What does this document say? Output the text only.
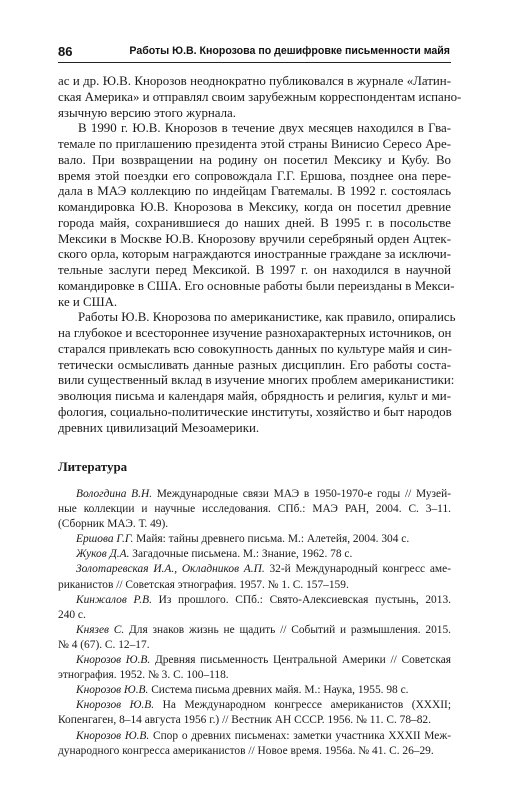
86	Работы Ю.В. Кнорозова по дешифровке письменности майя
ас и др. Ю.В. Кнорозов неоднократно публиковался в журнале «Латин-
ская Америка» и отправлял своим зарубежным корреспондентам испано-
язычную версию этого журнала.
В 1990 г. Ю.В. Кнорозов в течение двух месяцев находился в Гва-
темале по приглашению президента этой страны Винисио Сересо Аре-
вало. При возвращении на родину он посетил Мексику и Кубу. Во
время этой поездки его сопровождала Г.Г. Ершова, позднее она пере-
дала в МАЭ коллекцию по индейцам Гватемалы. В 1992 г. состоялась
командировка Ю.В. Кнорозова в Мексику, когда он посетил древние
города майя, сохранившиеся до наших дней. В 1995 г. в посольстве
Мексики в Москве Ю.В. Кнорозову вручили серебряный орден Ацтек-
ского орла, которым награждаются иностранные граждане за исключи-
тельные заслуги перед Мексикой. В 1997 г. он находился в научной
командировке в США. Его основные работы были переизданы в Мекси-
ке и США.
Работы Ю.В. Кнорозова по американистике, как правило, опирались
на глубокое и всестороннее изучение разнохарактерных источников, он
старался привлекать всю совокупность данных по культуре майя и син-
тетически осмысливать данные разных дисциплин. Его работы соста-
вили существенный вклад в изучение многих проблем американистики:
эволюция письма и календаря майя, обрядность и религия, культ и ми-
фология, социально-политические институты, хозяйство и быт народов
древних цивилизаций Мезоамерики.
Литература
Вологдина В.Н. Международные связи МАЭ в 1950-1970-е годы // Музей-
ные коллекции и научные исследования. СПб.: МАЭ РАН, 2004. С. 3–11.
(Сборник МАЭ. Т. 49).
Ершова Г.Г. Майя: тайны древнего письма. М.: Алетейя, 2004. 304 с.
Жуков Д.А. Загадочные письмена. М.: Знание, 1962. 78 с.
Золотаревская И.А., Окладников А.П. 32-й Международный конгресс аме-
риканистов // Советская этнография. 1957. № 1. С. 157–159.
Кинжалов Р.В. Из прошлого. СПб.: Свято-Алексиевская пустынь, 2013.
240 с.
Князев С. Для знаков жизнь не щадить // Событий и размышления. 2015.
№ 4 (67). С. 12–17.
Кнорозов Ю.В. Древняя письменность Центральной Америки // Советская
этнография. 1952. № 3. С. 100–118.
Кнорозов Ю.В. Система письма древних майя. М.: Наука, 1955. 98 с.
Кнорозов Ю.В. На Международном конгрессе американистов (XXXII;
Копенгаген, 8–14 августа 1956 г.) // Вестник АН СССР. 1956. № 11. С. 78–82.
Кнорозов Ю.В. Спор о древних письменах: заметки участника XXXII Меж-
дународного конгресса американистов // Новое время. 1956а. № 41. С. 26–29.
